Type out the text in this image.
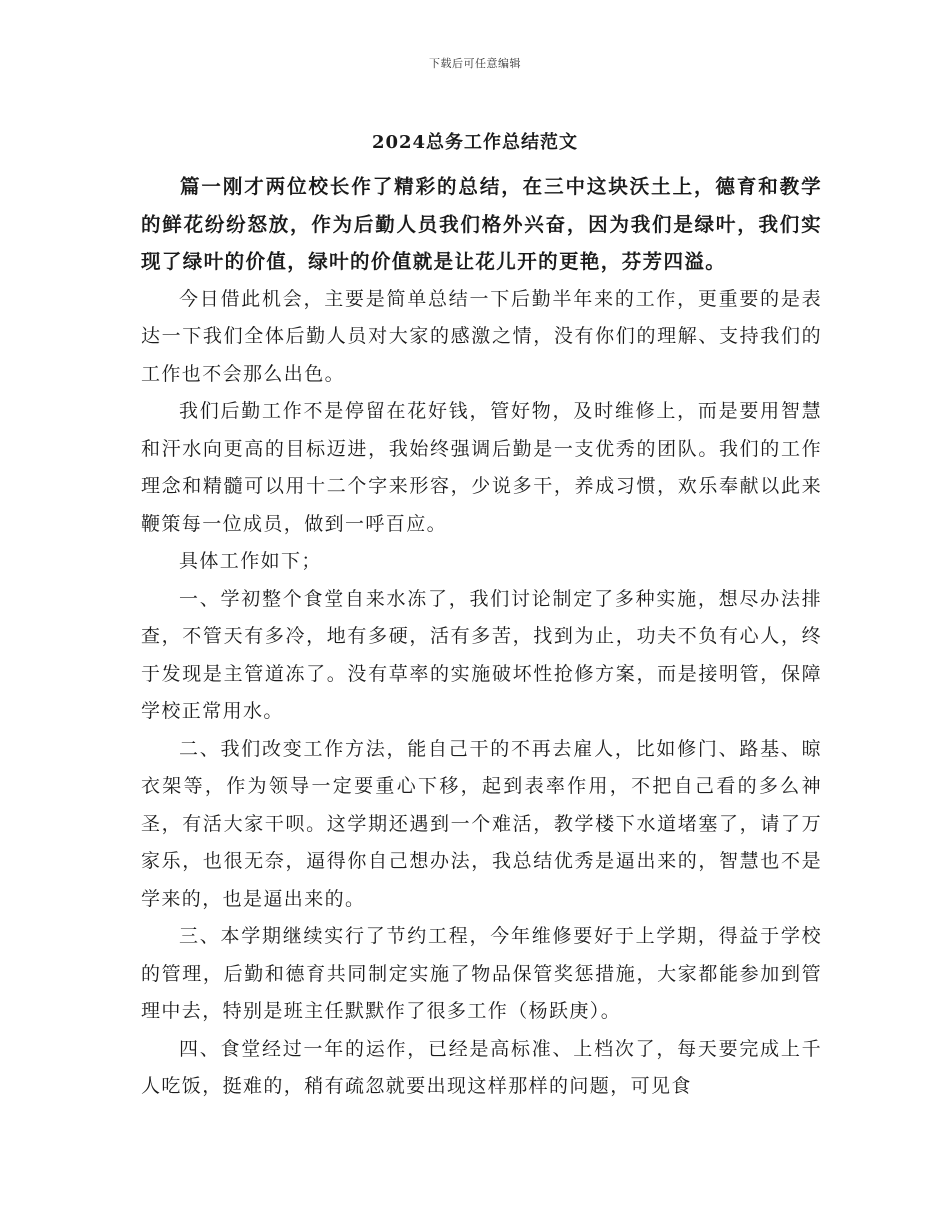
下载后可任意编辑
2024总务工作总结范文

篇一刚才两位校长作了精彩的总结，在三中这块沃土上，德育和教学的鲜花纷纷怒放，作为后勤人员我们格外兴奋，因为我们是绿叶，我们实现了绿叶的价值，绿叶的价值就是让花儿开的更艳，芬芳四溢。

今日借此机会，主要是简单总结一下后勤半年来的工作，更重要的是表达一下我们全体后勤人员对大家的感激之情，没有你们的理解、支持我们的工作也不会那么出色。

我们后勤工作不是停留在花好钱，管好物，及时维修上，而是要用智慧和汗水向更高的目标迈进，我始终强调后勤是一支优秀的团队。我们的工作理念和精髓可以用十二个字来形容，少说多干，养成习惯，欢乐奉献以此来鞭策每一位成员，做到一呼百应。

具体工作如下；

一、学初整个食堂自来水冻了，我们讨论制定了多种实施，想尽办法排查，不管天有多冷，地有多硬，活有多苦，找到为止，功夫不负有心人，终于发现是主管道冻了。没有草率的实施破坏性抢修方案，而是接明管，保障学校正常用水。

二、我们改变工作方法，能自己干的不再去雇人，比如修门、路基、晾衣架等，作为领导一定要重心下移，起到表率作用，不把自己看的多么神圣，有活大家干呗。这学期还遇到一个难活，教学楼下水道堵塞了，请了万家乐，也很无奈，逼得你自己想办法，我总结优秀是逼出来的，智慧也不是学来的，也是逼出来的。

三、本学期继续实行了节约工程，今年维修要好于上学期，得益于学校的管理，后勤和德育共同制定实施了物品保管奖惩措施，大家都能参加到管理中去，特别是班主任默默作了很多工作（杨跃庚）。

四、食堂经过一年的运作，已经是高标准、上档次了，每天要完成上千人吃饭，挺难的，稍有疏忽就要出现这样那样的问题，可见食
